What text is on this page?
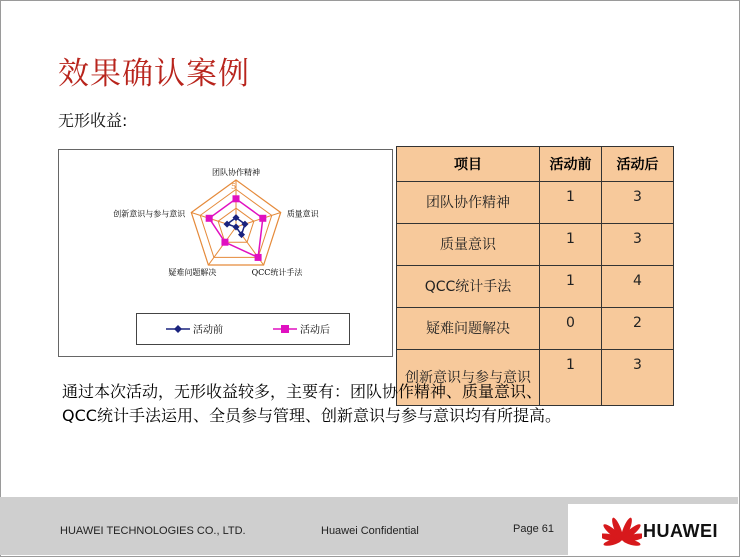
效果确认案例
无形收益:
5
团队协作精神
质量意识
QCC统计手法
疑难问题解决
创新意识与参与意识
活动前	活动后
项目	活动前	活动后
团队协作精神	1	3
质量意识	1	3
QCC统计手法	1	4
疑难问题解决	0	2
创新意识与参与意识	1	3
通过本次活动，无形收益较多，主要有：团队协作精神、质量意识、
QCC统计手法运用、全员参与管理、创新意识与参与意识均有所提高。
HUAWEI TECHNOLOGIES CO., LTD.	Huawei Confidential	Page 61	HUAWEI
